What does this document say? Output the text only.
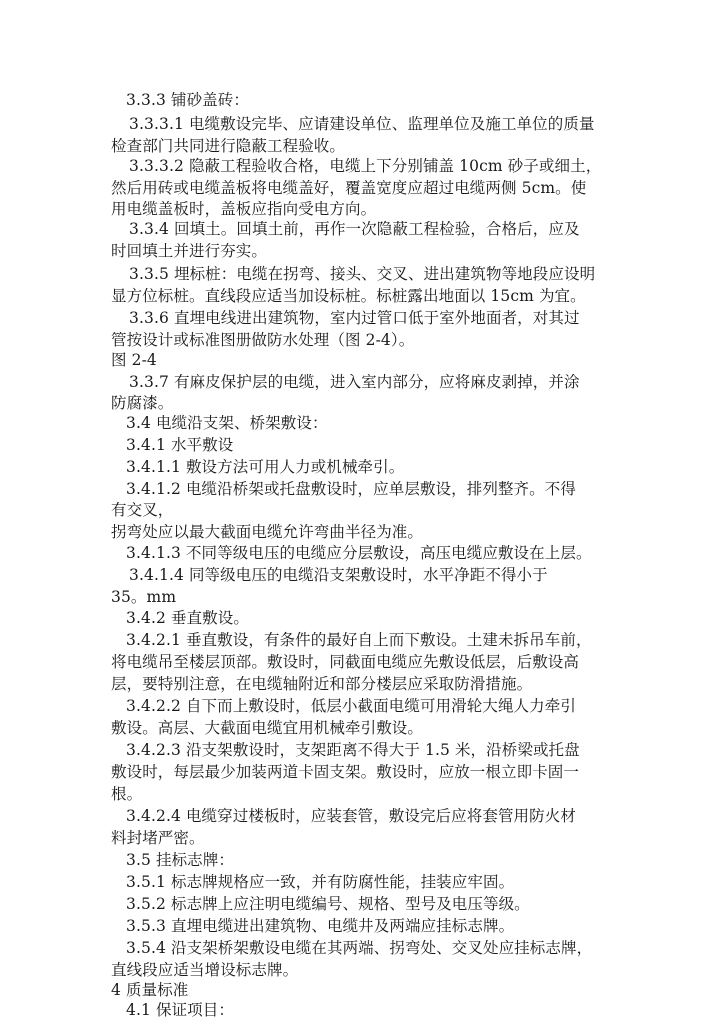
3.3.3 铺砂盖砖：
3.3.3.1 电缆敷设完毕、应请建设单位、监理单位及施工单位的质量
检查部门共同进行隐蔽工程验收。
3.3.3.2 隐蔽工程验收合格，电缆上下分别铺盖 10cm 砂子或细土，
然后用砖或电缆盖板将电缆盖好，覆盖宽度应超过电缆两侧 5cm。使
用电缆盖板时，盖板应指向受电方向。
3.3.4 回填土。回填土前，再作一次隐蔽工程检验，合格后，应及
时回填土并进行夯实。
3.3.5 埋标桩：电缆在拐弯、接头、交叉、进出建筑物等地段应设明
显方位标桩。直线段应适当加设标桩。标桩露出地面以 15cm 为宜。
3.3.6 直埋电线进出建筑物，室内过管口低于室外地面者，对其过
管按设计或标准图册做防水处理（图 2-4）。
图 2-4
3.3.7 有麻皮保护层的电缆，进入室内部分，应将麻皮剥掉，并涂
防腐漆。
3.4 电缆沿支架、桥架敷设：
3.4.1 水平敷设
3.4.1.1 敷设方法可用人力或机械牵引。
3.4.1.2 电缆沿桥架或托盘敷设时，应单层敷设，排列整齐。不得
有交叉，
拐弯处应以最大截面电缆允许弯曲半径为准。
3.4.1.3 不同等级电压的电缆应分层敷设，高压电缆应敷设在上层。
3.4.1.4 同等级电压的电缆沿支架敷设时，水平净距不得小于
35。mm
3.4.2 垂直敷设。
3.4.2.1 垂直敷设，有条件的最好自上而下敷设。土建未拆吊车前，
将电缆吊至楼层顶部。敷设时，同截面电缆应先敷设低层，后敷设高
层，要特别注意，在电缆轴附近和部分楼层应采取防滑措施。
3.4.2.2 自下而上敷设时，低层小截面电缆可用滑轮大绳人力牵引
敷设。高层、大截面电缆宜用机械牵引敷设。
3.4.2.3 沿支架敷设时，支架距离不得大于 1.5 米，沿桥梁或托盘
敷设时，每层最少加装两道卡固支架。敷设时，应放一根立即卡固一
根。
3.4.2.4 电缆穿过楼板时，应装套管，敷设完后应将套管用防火材
料封堵严密。
3.5 挂标志牌：
3.5.1 标志牌规格应一致，并有防腐性能，挂装应牢固。
3.5.2 标志牌上应注明电缆编号、规格、型号及电压等级。
3.5.3 直埋电缆进出建筑物、电缆井及两端应挂标志牌。
3.5.4 沿支架桥架敷设电缆在其两端、拐弯处、交叉处应挂标志牌，
直线段应适当增设标志牌。
4 质量标准
4.1 保证项目：
